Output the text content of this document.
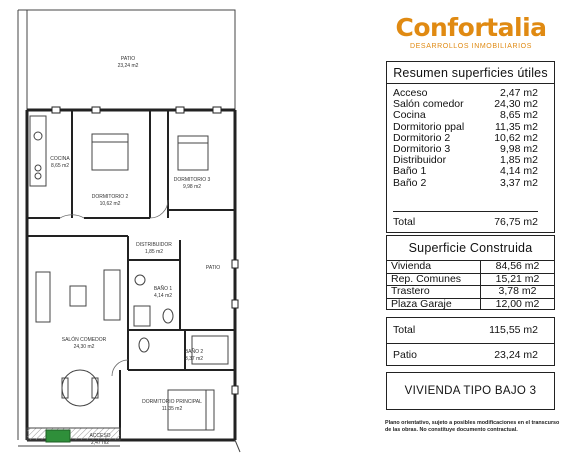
PATIO
23,24 m2
COCINA
8,65 m2
DORMITORIO 2
10,62 m2
DORMITORIO 3
9,98 m2
DISTRIBUIDOR
1,85 m2
PATIO
BAÑO 1
4,14 m2
SALÓN COMEDOR
24,30 m2
BAÑO 2
3,37 m2
DORMITORIO PRINCIPAL
11,35 m2
ACCESO
2,47 m2
Confortalia
DESARROLLOS INMOBILIARIOS
Resumen superficies útiles
Acceso	2,47 m2
Salón comedor	24,30 m2
Cocina	8,65 m2
Dormitorio ppal	11,35 m2
Dormitorio 2	10,62 m2
Dormitorio 3	9,98 m2
Distribuidor	1,85 m2
Baño 1	4,14 m2
Baño 2	3,37 m2
Total	76,75 m2
Superficie Construida
Vivienda	84,56 m2
Rep. Comunes	15,21 m2
Trastero	3,78 m2
Plaza Garaje	12,00 m2
Total	115,55 m2
Patio	23,24 m2
VIVIENDA TIPO BAJO 3
Plano orientativo, sujeto a posibles modificaciones en el transcurso de las obras. No constituye documento contractual.
